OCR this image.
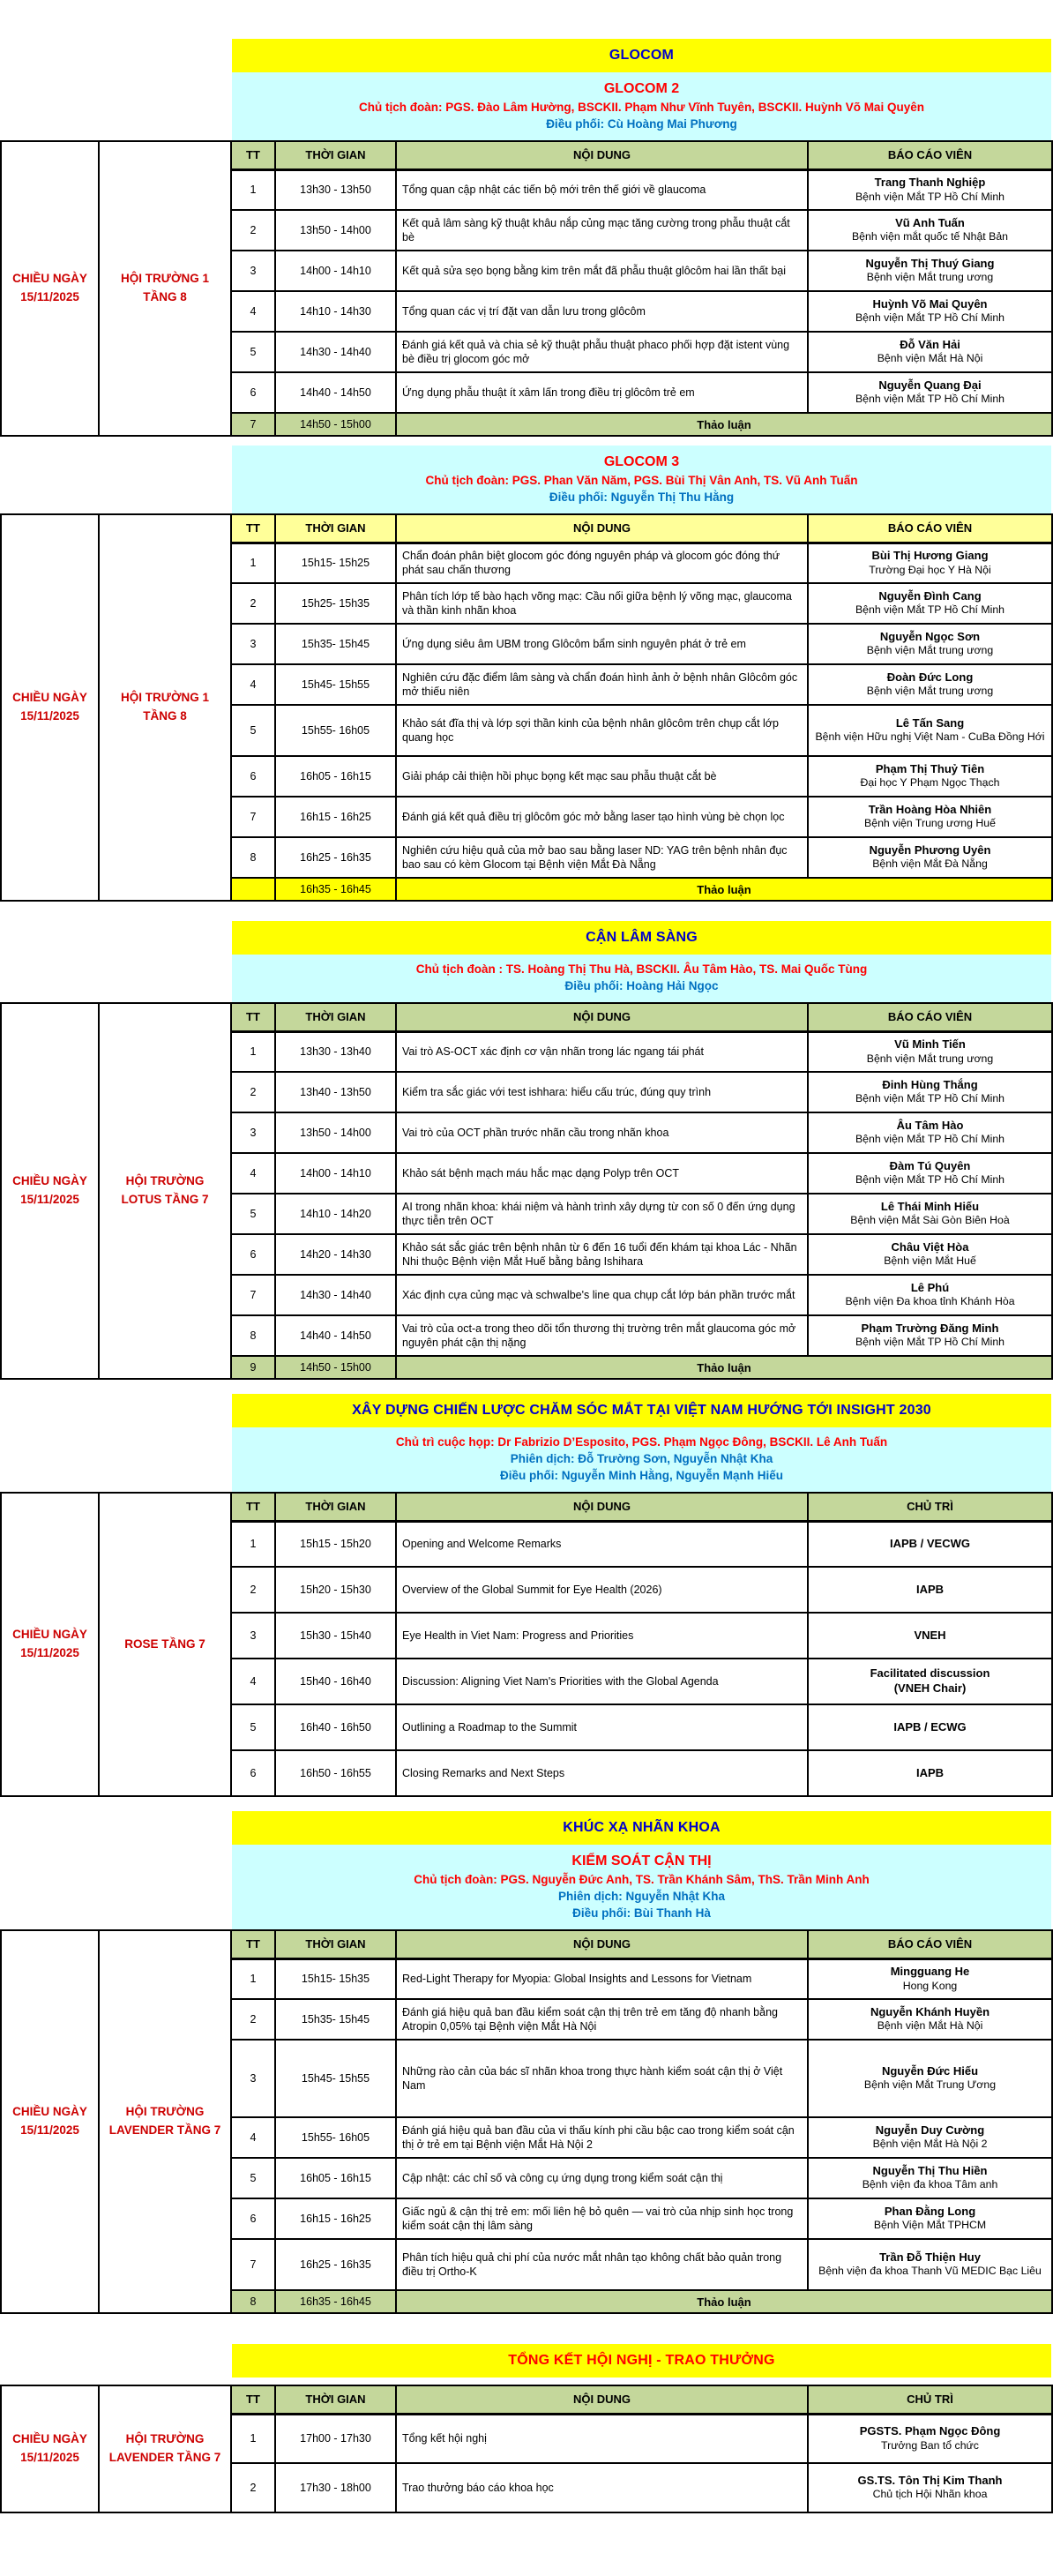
GLOCOM
GLOCOM 2
Chủ tịch đoàn: PGS. Đào Lâm Hường, BSCKII. Phạm Như Vĩnh Tuyên, BSCKII. Huỳnh Võ Mai Quyên
Điều phối: Cù Hoàng Mai Phương
CHIỀU NGÀY
15/11/2025
HỘI TRƯỜNG 1
TẦNG 8
TT	THỜI GIAN	NỘI DUNG	BÁO CÁO VIÊN
1	13h30 - 13h50	Tổng quan cập nhật các tiến bộ mới trên thế giới về glaucoma	Trang Thanh Nghiệp
Bệnh viện Mắt TP Hồ Chí Minh

2	13h50 - 14h00	Kết quả lâm sàng kỹ thuật khâu nắp củng mạc tăng cường trong phẫu thuật cắt bè	Vũ Anh Tuấn
Bệnh viện mắt quốc tế Nhật Bản

3	14h00 - 14h10	Kết quả sửa sẹo bọng bằng kim trên mắt đã phẫu thuật glôcôm hai lần thất bại	Nguyễn Thị Thuý Giang
Bệnh viện Mắt trung ương

4	14h10 - 14h30	Tổng quan các vị trí đặt van dẫn lưu trong glôcôm	Huỳnh Võ Mai Quyên
Bệnh viện Mắt TP Hồ Chí Minh

5	14h30 - 14h40	Đánh giá kết quả và chia sẻ kỹ thuật phẫu thuật phaco phối hợp đặt istent vùng bè điều trị glocom góc mở	Đỗ Văn Hải
Bệnh viện Mắt Hà Nội

6	14h40 - 14h50	Ứng dụng phẫu thuật ít xâm lấn trong điều trị glôcôm trẻ em	Nguyễn Quang Đại
Bệnh viện Mắt TP Hồ Chí Minh

7	14h50 - 15h00	Thảo luận	
GLOCOM 3
Chủ tịch đoàn: PGS. Phan Văn Năm, PGS. Bùi Thị Vân Anh, TS. Vũ Anh Tuấn
Điều phối: Nguyễn Thị Thu Hằng
CHIỀU NGÀY
15/11/2025
HỘI TRƯỜNG 1
TẦNG 8
TT	THỜI GIAN	NỘI DUNG	BÁO CÁO VIÊN
1	15h15- 15h25	Chẩn đoán phân biệt glocom góc đóng nguyên pháp và glocom góc đóng thứ phát sau chấn thương	Bùi Thị Hương Giang
Trường Đại học Y Hà Nội

2	15h25- 15h35	Phân tích lớp tế bào hạch võng mạc: Cầu nối giữa bệnh lý võng mạc, glaucoma và thần kinh nhãn khoa	Nguyễn Đình Cang
Bệnh viện Mắt TP Hồ Chí Minh

3	15h35- 15h45	Ứng dụng siêu âm UBM trong Glôcôm bẩm sinh nguyên phát ở trẻ em	Nguyễn Ngọc Sơn
Bệnh viện Mắt trung ương

4	15h45- 15h55	Nghiên cứu đặc điểm lâm sàng và chẩn đoán hình ảnh ở bệnh nhân Glôcôm góc mở thiếu niên	Đoàn Đức Long
Bệnh viện Mắt trung ương

5	15h55- 16h05	Khảo sát đĩa thị và lớp sợi thần kinh của bệnh nhân glôcôm trên chụp cắt lớp quang học	Lê Tấn Sang
Bệnh viện Hữu nghị Việt Nam - CuBa Đồng Hới

6	16h05 - 16h15	Giải pháp cải thiện hồi phục bọng kết mạc sau phẫu thuật cắt bè	Phạm Thị Thuỷ Tiên
Đại học Y Phạm Ngọc Thạch

7	16h15 - 16h25	Đánh giá kết quả điều trị glôcôm góc mở bằng laser tạo hình vùng bè chọn lọc	Trần Hoàng Hòa Nhiên
Bệnh viện Trung ương Huế

8	16h25 - 16h35	Nghiên cứu hiệu quả của mở bao sau bằng laser ND: YAG trên bệnh nhân đục bao sau có kèm Glocom tại Bệnh viện Mắt Đà Nẵng	Nguyễn Phương Uyên
Bệnh viện Mắt Đà Nẵng

	16h35 - 16h45	Thảo luận	
CẬN LÂM SÀNG
Chủ tịch đoàn : TS. Hoàng Thị Thu Hà, BSCKII. Âu Tâm Hào, TS. Mai Quốc Tùng
Điều phối: Hoàng Hải Ngọc
CHIỀU NGÀY
15/11/2025
HỘI TRƯỜNG
LOTUS TẦNG 7
TT	THỜI GIAN	NỘI DUNG	BÁO CÁO VIÊN
1	13h30 - 13h40	Vai trò AS-OCT xác định cơ vận nhãn trong lác ngang tái phát	Vũ Minh Tiến
Bệnh viện Mắt trung ương

2	13h40 - 13h50	Kiểm tra sắc giác với test ishhara: hiểu cấu trúc, đúng quy trình	Đinh Hùng Thắng
Bệnh viện Mắt TP Hồ Chí Minh

3	13h50 - 14h00	Vai trò của OCT phần trước nhãn cầu trong nhãn khoa	Âu Tâm Hào
Bệnh viện Mắt TP Hồ Chí Minh

4	14h00 - 14h10	Khảo sát bệnh mạch máu hắc mạc dạng Polyp trên OCT	Đàm Tú Quyên
Bệnh viện Mắt TP Hồ Chí Minh

5	14h10 - 14h20	AI trong nhãn khoa: khái niệm và hành trình xây dựng từ con số 0 đến ứng dụng thực tiễn trên OCT	Lê Thái Minh Hiếu
Bệnh viện Mắt Sài Gòn Biên Hoà

6	14h20 - 14h30	Khảo sát sắc giác trên bệnh nhân từ 6 đến 16 tuổi đến khám tại khoa Lác - Nhãn Nhi thuộc Bệnh viện Mắt Huế bằng bảng Ishihara	Châu Việt Hòa
Bệnh viện Mắt Huế

7	14h30 - 14h40	Xác định cựa củng mạc và schwalbe's line qua chụp cắt lớp bán phần trước mắt	Lê Phú
Bệnh viện Đa khoa tỉnh Khánh Hòa

8	14h40 - 14h50	Vai trò của oct-a trong theo dõi tổn thương thị trường trên mắt glaucoma góc mở nguyên phát cận thị nặng	Phạm Trường Đăng Minh
Bệnh viện Mắt TP Hồ Chí Minh

9	14h50 - 15h00	Thảo luận	
XÂY DỰNG CHIẾN LƯỢC CHĂM SÓC MẮT TẠI VIỆT NAM HƯỚNG TỚI INSIGHT 2030
Chủ trì cuộc họp: Dr Fabrizio D’Esposito, PGS. Phạm Ngọc Đông, BSCKII. Lê Anh Tuấn
Phiên dịch: Đỗ Trường Sơn, Nguyễn Nhật Kha
Điều phối: Nguyễn Minh Hằng, Nguyễn Mạnh Hiếu
CHIỀU NGÀY
15/11/2025
ROSE TẦNG 7
TT	THỜI GIAN	NỘI DUNG	CHỦ TRÌ
1	15h15 - 15h20	Opening and Welcome Remarks	IAPB / VECWG

2	15h20 - 15h30	Overview of the Global Summit for Eye Health (2026)	IAPB

3	15h30 - 15h40	Eye Health in Viet Nam: Progress and Priorities	VNEH

4	15h40 - 16h40	Discussion: Aligning Viet Nam's Priorities with the Global Agenda	Facilitated discussion
(VNEH Chair)

5	16h40 - 16h50	Outlining a Roadmap to the Summit	IAPB / ECWG

6	16h50 - 16h55	Closing Remarks and Next Steps	IAPB
KHÚC XẠ NHÃN KHOA
KIỂM SOÁT CẬN THỊ
Chủ tịch đoàn: PGS. Nguyễn Đức Anh, TS. Trần Khánh Sâm, ThS. Trần Minh Anh
Phiên dịch: Nguyễn Nhật Kha
Điều phối: Bùi Thanh Hà
CHIỀU NGÀY
15/11/2025
HỘI TRƯỜNG
LAVENDER TẦNG 7
TT	THỜI GIAN	NỘI DUNG	BÁO CÁO VIÊN
1	15h15- 15h35	Red-Light Therapy for Myopia: Global Insights and Lessons for Vietnam	Mingguang He
Hong Kong

2	15h35- 15h45	Đánh giá hiệu quả ban đầu kiểm soát cận thị trên trẻ em tăng độ nhanh bằng Atropin 0,05% tại Bệnh viện Mắt Hà Nội	Nguyễn Khánh Huyền
Bệnh viện Mắt Hà Nội

3	15h45- 15h55	Những rào cản của bác sĩ nhãn khoa trong thực hành kiểm soát cận thị ở Việt Nam	Nguyễn Đức Hiếu
Bệnh viện Mắt Trung Ương

4	15h55- 16h05	Đánh giá hiệu quả ban đầu của vi thấu kính phi cầu bậc cao trong kiểm soát cận thị ở trẻ em tại Bệnh viện Mắt Hà Nội 2	Nguyễn Duy Cường
Bệnh viện Mắt Hà Nội 2

5	16h05 - 16h15	Cập nhật: các chỉ số và công cụ ứng dụng trong kiểm soát cận thị	Nguyễn Thị Thu Hiền
Bệnh viện đa khoa Tâm anh

6	16h15 - 16h25	Giấc ngủ & cận thị trẻ em: mối liên hệ bỏ quên — vai trò của nhịp sinh học trong kiểm soát cận thị lâm sàng	Phan Đằng Long
Bệnh Viện Mắt TPHCM

7	16h25 - 16h35	Phân tích hiệu quả chi phí của nước mắt nhân tạo không chất bảo quản trong điều trị Ortho-K	Trần Đỗ Thiện Huy
Bệnh viện đa khoa Thanh Vũ MEDIC Bạc Liêu

8	16h35 - 16h45	Thảo luận	
TỔNG KẾT HỘI NGHỊ - TRAO THƯỞNG
CHIỀU NGÀY
15/11/2025
HỘI TRƯỜNG
LAVENDER TẦNG 7
TT	THỜI GIAN	NỘI DUNG	CHỦ TRÌ
1	17h00 - 17h30	Tổng kết hội nghị	PGSTS. Phạm Ngọc Đông
Trưởng Ban tổ chức

2	17h30 - 18h00	Trao thưởng báo cáo khoa học	GS.TS. Tôn Thị Kim Thanh
Chủ tịch Hội Nhãn khoa
